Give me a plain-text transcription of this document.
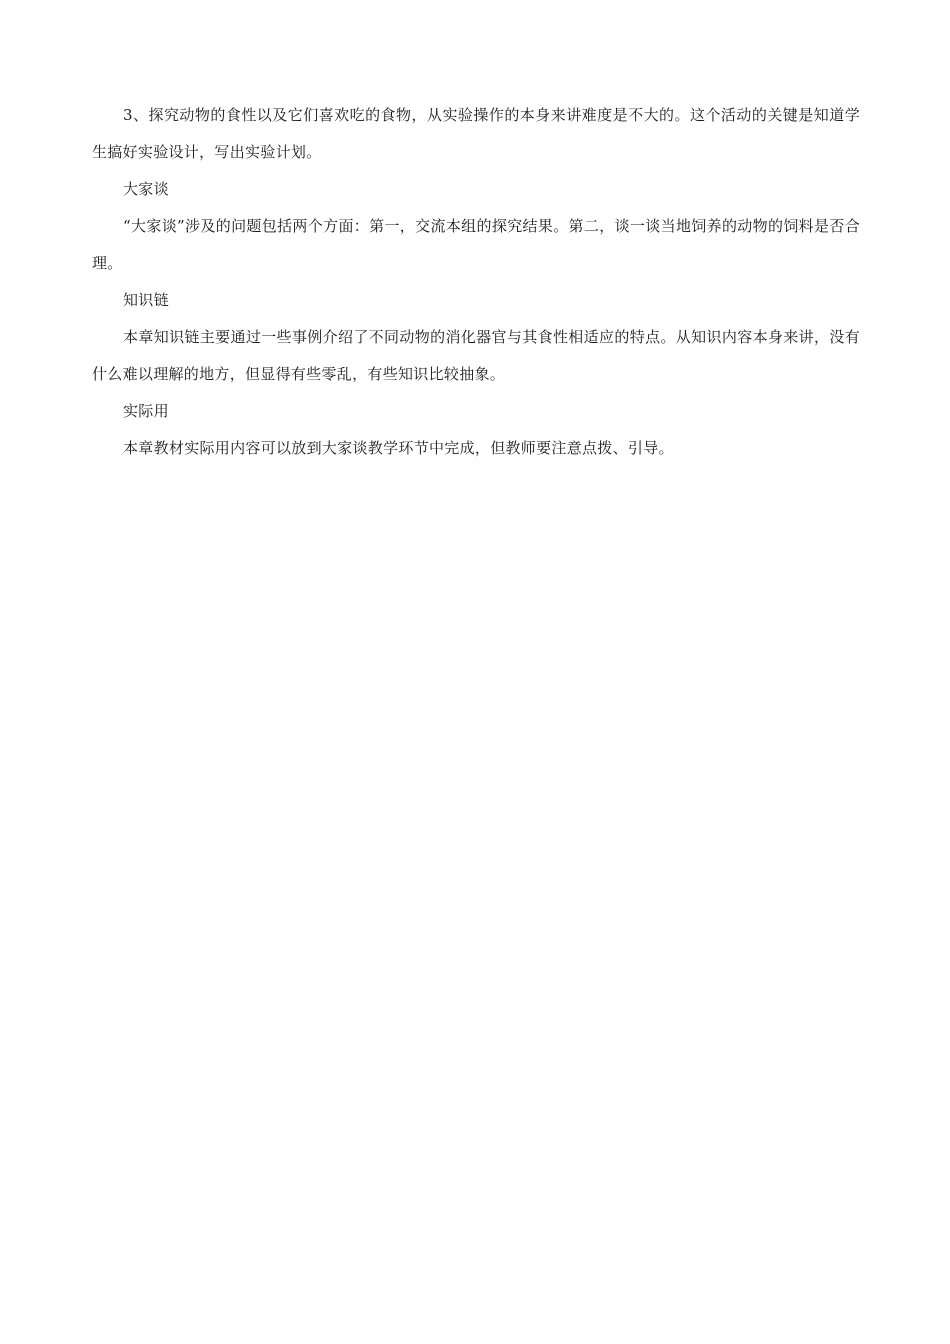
3、探究动物的食性以及它们喜欢吃的食物，从实验操作的本身来讲难度是不大的。这个活动的关键是知道学生搞好实验设计，写出实验计划。

大家谈

“大家谈”涉及的问题包括两个方面：第一，交流本组的探究结果。第二，谈一谈当地饲养的动物的饲料是否合理。

知识链

本章知识链主要通过一些事例介绍了不同动物的消化器官与其食性相适应的特点。从知识内容本身来讲，没有什么难以理解的地方，但显得有些零乱，有些知识比较抽象。

实际用

本章教材实际用内容可以放到大家谈教学环节中完成，但教师要注意点拨、引导。
